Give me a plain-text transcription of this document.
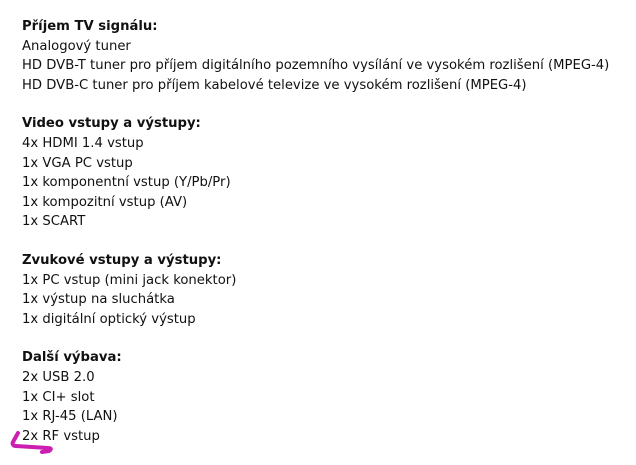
Příjem TV signálu:
Analogový tuner
HD DVB-T tuner pro příjem digitálního pozemního vysílání ve vysokém rozlišení (MPEG-4)
HD DVB-C tuner pro příjem kabelové televize ve vysokém rozlišení (MPEG-4)
Video vstupy a výstupy:
4x HDMI 1.4 vstup
1x VGA PC vstup
1x komponentní vstup (Y/Pb/Pr)
1x kompozitní vstup (AV)
1x SCART
Zvukové vstupy a výstupy:
1x PC vstup (mini jack konektor)
1x výstup na sluchátka
1x digitální optický výstup
Další výbava:
2x USB 2.0
1x CI+ slot
1x RJ-45 (LAN)
2x RF vstup
